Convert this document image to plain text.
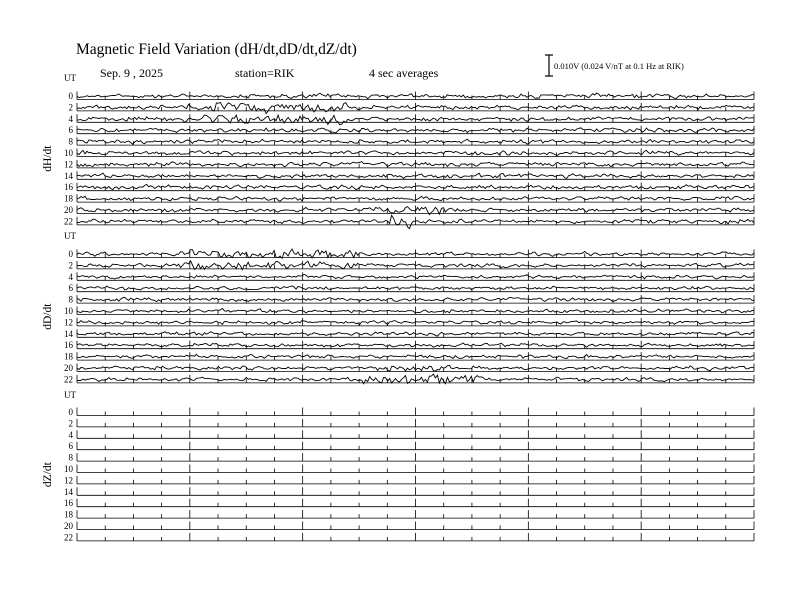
Magnetic Field Variation (dH/dt,dD/dt,dZ/dt)
Sep. 9 , 2025	station=RIK	4 sec averages	0.010V (0.024 V/nT at 0.1 Hz at RIK)
UT
dH/dt
0
2
4
6
8
10
12
14
16
18
20
22
UT
dD/dt
0
2
4
6
8
10
12
14
16
18
20
22
UT
dZ/dt
0
2
4
6
8
10
12
14
16
18
20
22
